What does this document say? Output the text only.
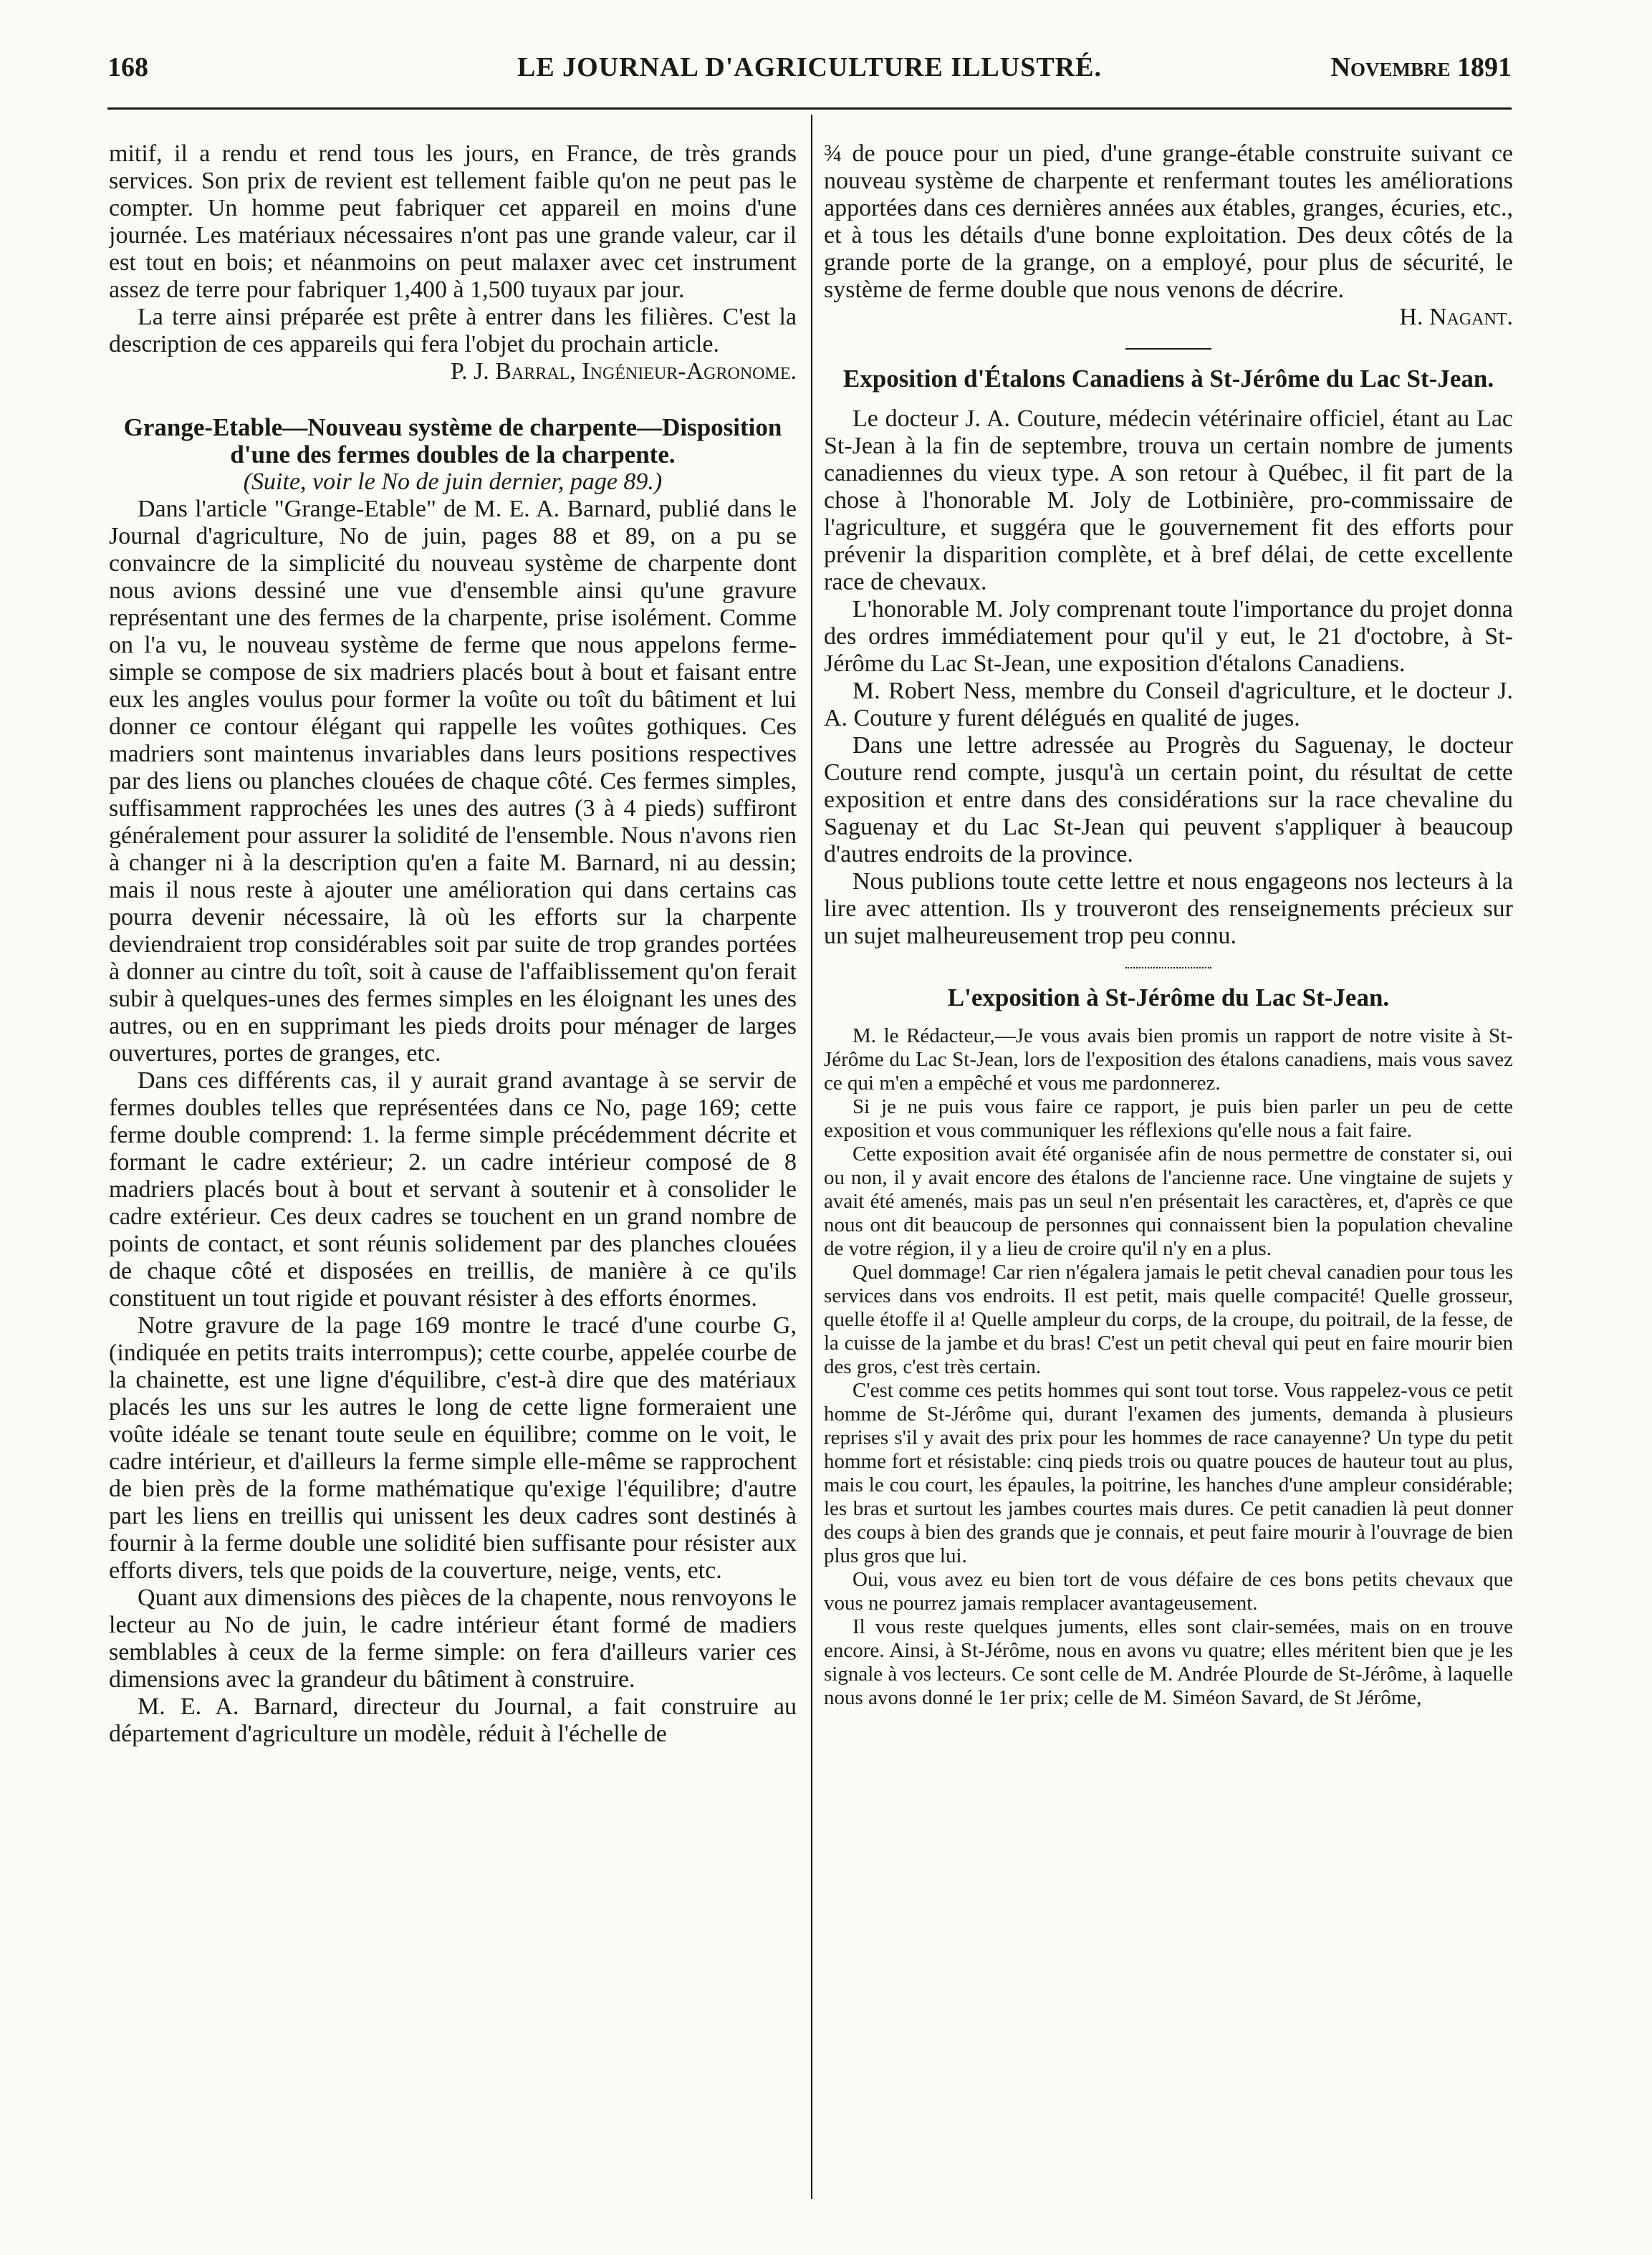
168	LE JOURNAL D'AGRICULTURE ILLUSTRÉ.	Novembre 1891

mitif, il a rendu et rend tous les jours, en France, de très grands services. Son prix de revient est tellement faible qu'on ne peut pas le compter. Un homme peut fabriquer cet appareil en moins d'une journée. Les matériaux nécessaires n'ont pas une grande valeur, car il est tout en bois; et néanmoins on peut malaxer avec cet instrument assez de terre pour fabriquer 1,400 à 1,500 tuyaux par jour.

La terre ainsi préparée est prête à entrer dans les filières. C'est la description de ces appareils qui fera l'objet du prochain article.

P. J. Barral, Ingénieur-Agronome.

Grange-Etable—Nouveau système de charpente—Disposition d'une des fermes doubles de la charpente.

(Suite, voir le No de juin dernier, page 89.)

Dans l'article "Grange-Etable" de M. E. A. Barnard, publié dans le Journal d'agriculture, No de juin, pages 88 et 89, on a pu se convaincre de la simplicité du nouveau système de charpente dont nous avions dessiné une vue d'ensemble ainsi qu'une gravure représentant une des fermes de la charpente, prise isolément. Comme on l'a vu, le nouveau système de ferme que nous appelons ferme-simple se compose de six madriers placés bout à bout et faisant entre eux les angles voulus pour former la voûte ou toît du bâtiment et lui donner ce contour élégant qui rappelle les voûtes gothiques. Ces madriers sont maintenus invariables dans leurs positions respectives par des liens ou planches clouées de chaque côté. Ces fermes simples, suffisamment rapprochées les unes des autres (3 à 4 pieds) suffiront généralement pour assurer la solidité de l'ensemble. Nous n'avons rien à changer ni à la description qu'en a faite M. Barnard, ni au dessin; mais il nous reste à ajouter une amélioration qui dans certains cas pourra devenir nécessaire, là où les efforts sur la charpente deviendraient trop considérables soit par suite de trop grandes portées à donner au cintre du toît, soit à cause de l'affaiblissement qu'on ferait subir à quelques-unes des fermes simples en les éloignant les unes des autres, ou en en supprimant les pieds droits pour ménager de larges ouvertures, portes de granges, etc.

Dans ces différents cas, il y aurait grand avantage à se servir de fermes doubles telles que représentées dans ce No, page 169; cette ferme double comprend: 1. la ferme simple précédemment décrite et formant le cadre extérieur; 2. un cadre intérieur composé de 8 madriers placés bout à bout et servant à soutenir et à consolider le cadre extérieur. Ces deux cadres se touchent en un grand nombre de points de contact, et sont réunis solidement par des planches clouées de chaque côté et disposées en treillis, de manière à ce qu'ils constituent un tout rigide et pouvant résister à des efforts énormes.

Notre gravure de la page 169 montre le tracé d'une courbe G, (indiquée en petits traits interrompus); cette courbe, appelée courbe de la chainette, est une ligne d'équilibre, c'est-à dire que des matériaux placés les uns sur les autres le long de cette ligne formeraient une voûte idéale se tenant toute seule en équilibre; comme on le voit, le cadre intérieur, et d'ailleurs la ferme simple elle-même se rapprochent de bien près de la forme mathématique qu'exige l'équilibre; d'autre part les liens en treillis qui unissent les deux cadres sont destinés à fournir à la ferme double une solidité bien suffisante pour résister aux efforts divers, tels que poids de la couverture, neige, vents, etc.

Quant aux dimensions des pièces de la chapente, nous renvoyons le lecteur au No de juin, le cadre intérieur étant formé de madiers semblables à ceux de la ferme simple: on fera d'ailleurs varier ces dimensions avec la grandeur du bâtiment à construire.

M. E. A. Barnard, directeur du Journal, a fait construire au département d'agriculture un modèle, réduit à l'échelle de

¾ de pouce pour un pied, d'une grange-étable construite suivant ce nouveau système de charpente et renfermant toutes les améliorations apportées dans ces dernières années aux étables, granges, écuries, etc., et à tous les détails d'une bonne exploitation. Des deux côtés de la grande porte de la grange, on a employé, pour plus de sécurité, le système de ferme double que nous venons de décrire.

H. Nagant.

Exposition d'Étalons Canadiens à St-Jérôme du Lac St-Jean.

Le docteur J. A. Couture, médecin vétérinaire officiel, étant au Lac St-Jean à la fin de septembre, trouva un certain nombre de juments canadiennes du vieux type. A son retour à Québec, il fit part de la chose à l'honorable M. Joly de Lotbinière, pro-commissaire de l'agriculture, et suggéra que le gouvernement fit des efforts pour prévenir la disparition complète, et à bref délai, de cette excellente race de chevaux.

L'honorable M. Joly comprenant toute l'importance du projet donna des ordres immédiatement pour qu'il y eut, le 21 d'octobre, à St-Jérôme du Lac St-Jean, une exposition d'étalons Canadiens.

M. Robert Ness, membre du Conseil d'agriculture, et le docteur J. A. Couture y furent délégués en qualité de juges.

Dans une lettre adressée au Progrès du Saguenay, le docteur Couture rend compte, jusqu'à un certain point, du résultat de cette exposition et entre dans des considérations sur la race chevaline du Saguenay et du Lac St-Jean qui peuvent s'appliquer à beaucoup d'autres endroits de la province.

Nous publions toute cette lettre et nous engageons nos lecteurs à la lire avec attention. Ils y trouveront des renseignements précieux sur un sujet malheureusement trop peu connu.

L'exposition à St-Jérôme du Lac St-Jean.

M. le Rédacteur,—Je vous avais bien promis un rapport de notre visite à St-Jérôme du Lac St-Jean, lors de l'exposition des étalons canadiens, mais vous savez ce qui m'en a empêché et vous me pardonnerez.

Si je ne puis vous faire ce rapport, je puis bien parler un peu de cette exposition et vous communiquer les réflexions qu'elle nous a fait faire.

Cette exposition avait été organisée afin de nous permettre de constater si, oui ou non, il y avait encore des étalons de l'ancienne race. Une vingtaine de sujets y avait été amenés, mais pas un seul n'en présentait les caractères, et, d'après ce que nous ont dit beaucoup de personnes qui connaissent bien la population chevaline de votre région, il y a lieu de croire qu'il n'y en a plus.

Quel dommage! Car rien n'égalera jamais le petit cheval canadien pour tous les services dans vos endroits. Il est petit, mais quelle compacité! Quelle grosseur, quelle étoffe il a! Quelle ampleur du corps, de la croupe, du poitrail, de la fesse, de la cuisse de la jambe et du bras! C'est un petit cheval qui peut en faire mourir bien des gros, c'est très certain.

C'est comme ces petits hommes qui sont tout torse. Vous rappelez-vous ce petit homme de St-Jérôme qui, durant l'examen des juments, demanda à plusieurs reprises s'il y avait des prix pour les hommes de race canayenne? Un type du petit homme fort et résistable: cinq pieds trois ou quatre pouces de hauteur tout au plus, mais le cou court, les épaules, la poitrine, les hanches d'une ampleur considérable; les bras et surtout les jambes courtes mais dures. Ce petit canadien là peut donner des coups à bien des grands que je connais, et peut faire mourir à l'ouvrage de bien plus gros que lui.

Oui, vous avez eu bien tort de vous défaire de ces bons petits chevaux que vous ne pourrez jamais remplacer avantageusement.

Il vous reste quelques juments, elles sont clair-semées, mais on en trouve encore. Ainsi, à St-Jérôme, nous en avons vu quatre; elles méritent bien que je les signale à vos lecteurs. Ce sont celle de M. Andrée Plourde de St-Jérôme, à laquelle nous avons donné le 1er prix; celle de M. Siméon Savard, de St Jérôme,
